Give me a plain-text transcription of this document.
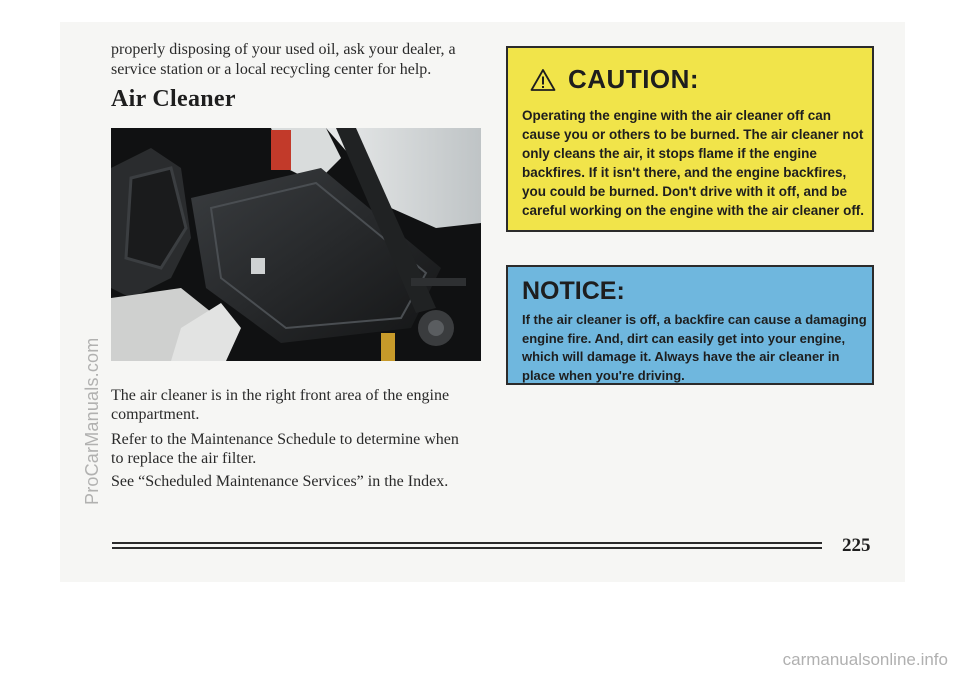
properly disposing of your used oil, ask your dealer, a service station or a local recycling center for help.

Air Cleaner

The air cleaner is in the right front area of the engine compartment.

Refer to the Maintenance Schedule to determine when to replace the air filter.

See “Scheduled Maintenance Services” in the Index.

CAUTION:

Operating the engine with the air cleaner off can cause you or others to be burned. The air cleaner not only cleans the air, it stops flame if the engine backfires. If it isn't there, and the engine backfires, you could be burned. Don't drive with it off, and be careful working on the engine with the air cleaner off.

NOTICE:

If the air cleaner is off, a backfire can cause a damaging engine fire. And, dirt can easily get into your engine, which will damage it. Always have the air cleaner in place when you're driving.

225
ProCarManuals.com
carmanualsonline.info
